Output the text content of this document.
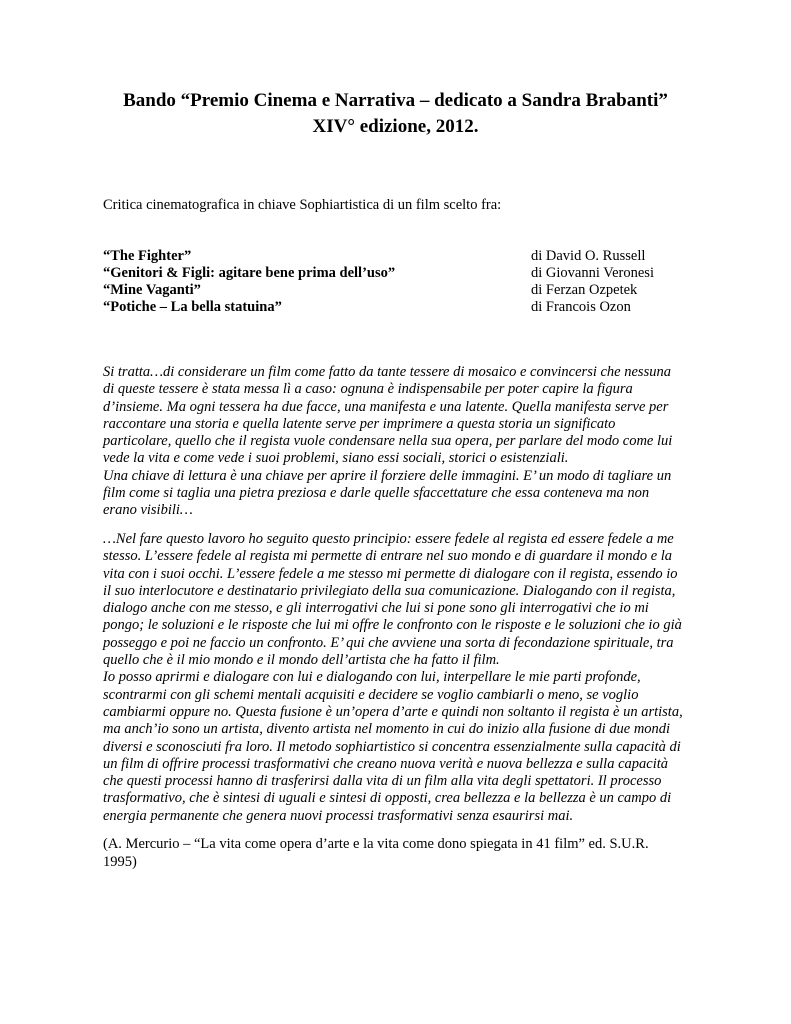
Bando “Premio Cinema e Narrativa – dedicato a Sandra Brabanti”
XIV° edizione, 2012.

Critica cinematografica in chiave Sophiartistica di un film scelto fra:

“The Fighter”	di David O. Russell
“Genitori & Figli: agitare bene prima dell’uso”	di Giovanni Veronesi
“Mine Vaganti”	di Ferzan Ozpetek
“Potiche – La bella statuina”	di Francois Ozon

Si tratta…di considerare un film come fatto da tante tessere di mosaico e convincersi che nessuna
di queste tessere è stata messa lì a caso: ognuna è indispensabile per poter capire la figura
d’insieme. Ma ogni tessera ha due facce, una manifesta e una latente. Quella manifesta serve per
raccontare una storia e quella latente serve per imprimere a questa storia un significato
particolare, quello che il regista vuole condensare nella sua opera, per parlare del modo come lui
vede la vita e come vede i suoi problemi, siano essi sociali, storici o esistenziali.
Una chiave di lettura è una chiave per aprire il forziere delle immagini. E’ un modo di tagliare un
film come si taglia una pietra preziosa e darle quelle sfaccettature che essa conteneva ma non
erano visibili…

…Nel fare questo lavoro ho seguito questo principio: essere fedele al regista ed essere fedele a me
stesso. L’essere fedele al regista mi permette di entrare nel suo mondo e di guardare il mondo e la
vita con i suoi occhi. L’essere fedele a me stesso mi permette di dialogare con il regista, essendo io
il suo interlocutore e destinatario privilegiato della sua comunicazione. Dialogando con il regista,
dialogo anche con me stesso, e gli interrogativi che lui si pone sono gli interrogativi che io mi
pongo; le soluzioni e le risposte che lui mi offre le confronto con le risposte e le soluzioni che io già
posseggo e poi ne faccio un confronto. E’ qui che avviene una sorta di fecondazione spirituale, tra
quello che è il mio mondo e il mondo dell’artista che ha fatto il film.
Io posso aprirmi e dialogare con lui e dialogando con lui, interpellare le mie parti profonde,
scontrarmi con gli schemi mentali acquisiti e decidere se voglio cambiarli o meno, se voglio
cambiarmi oppure no. Questa fusione è un’opera d’arte e quindi non soltanto il regista è un artista,
ma anch’io sono un artista, divento artista nel momento in cui do inizio alla fusione di due mondi
diversi e sconosciuti fra loro. Il metodo sophiartistico si concentra essenzialmente sulla capacità di
un film di offrire processi trasformativi che creano nuova verità e nuova bellezza e sulla capacità
che questi processi hanno di trasferirsi dalla vita di un film alla vita degli spettatori. Il processo
trasformativo, che è sintesi di uguali e sintesi di opposti, crea bellezza e la bellezza è un campo di
energia permanente che genera nuovi processi trasformativi senza esaurirsi mai.

(A. Mercurio – “La vita come opera d’arte e la vita come dono spiegata in 41 film” ed. S.U.R.
1995)
